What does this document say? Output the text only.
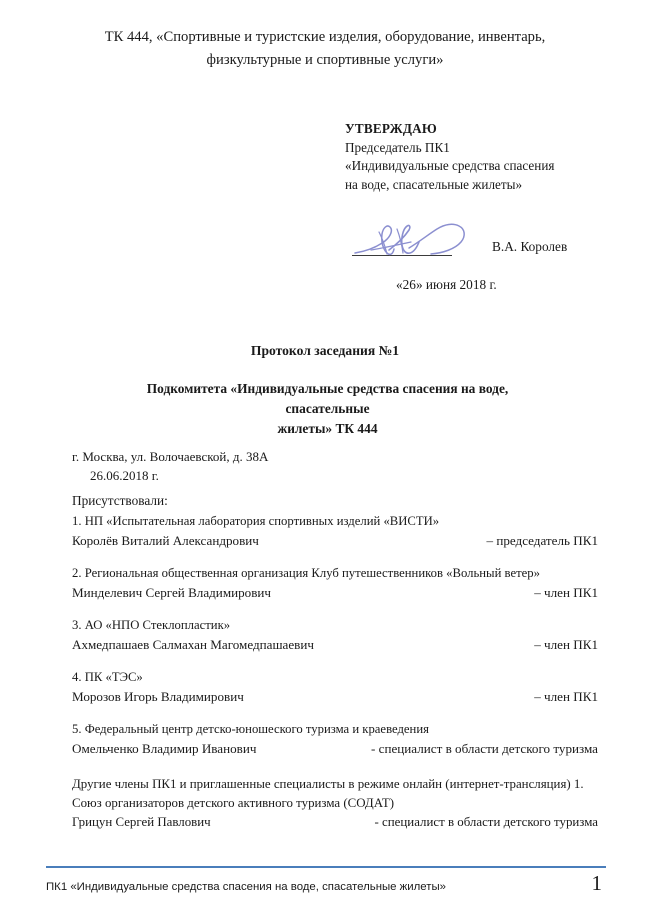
ТК 444, «Спортивные и туристские изделия, оборудование, инвентарь,
физкультурные и спортивные услуги»
УТВЕРЖДАЮ
Председатель ПК1
«Индивидуальные средства спасения
на воде, спасательные жилеты»
В.А. Королев
«26» июня 2018 г.
Протокол заседания №1
Подкомитета «Индивидуальные средства спасения на воде, спасательные
жилеты» ТК 444
г. Москва, ул. Волочаевской, д. 38А
26.06.2018 г.
Присутствовали:
1. НП «Испытательная лаборатория спортивных изделий «ВИСТИ»
Королёв Виталий Александрович	– председатель ПК1
2. Региональная общественная организация Клуб путешественников «Вольный ветер»
Минделевич Сергей Владимирович	– член ПК1
3. АО «НПО Стеклопластик»
Ахмедпашаев Салмахан Магомедпашаевич	– член ПК1
4. ПК «ТЭС»
Морозов Игорь Владимирович	– член ПК1
5. Федеральный центр детско-юношеского туризма и краеведения
Омельченко Владимир Иванович	- специалист в области детского туризма
Другие члены ПК1 и приглашенные специалисты в режиме онлайн (интернет-трансляция) 1.
Союз организаторов детского активного туризма (СОДАТ)
Грицун Сергей Павлович	- специалист в области детского туризма
ПК1 «Индивидуальные средства спасения на воде, спасательные жилеты»	1
